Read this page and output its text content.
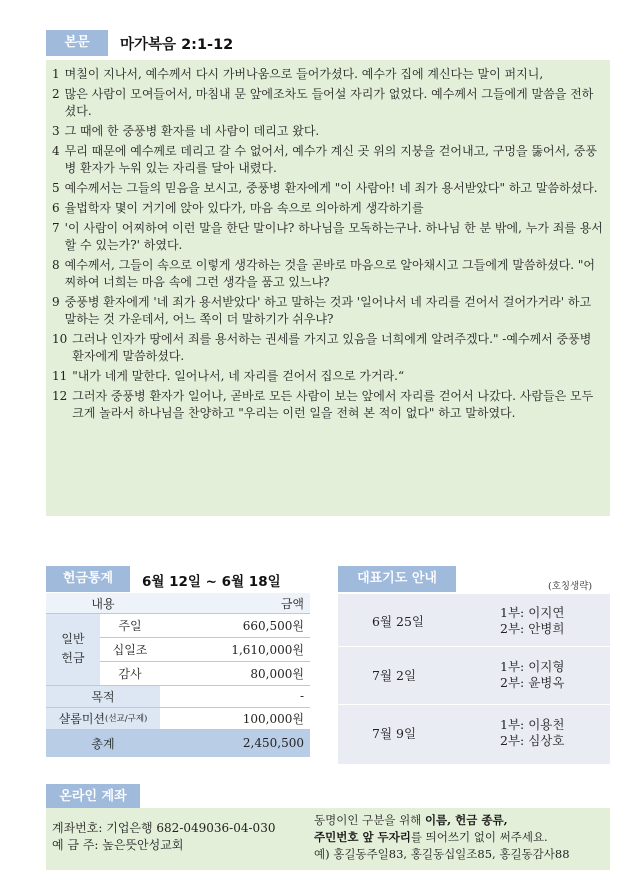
본문	마가복음 2:1-12
1 며칠이 지나서, 예수께서 다시 가버나움으로 들어가셨다. 예수가 집에 계신다는 말이 퍼지니,
2 많은 사람이 모여들어서, 마침내 문 앞에조차도 들어설 자리가 없었다. 예수께서 그들에게 말씀을 전하셨다.
3 그 때에 한 중풍병 환자를 네 사람이 데리고 왔다.
4 무리 때문에 예수께로 데리고 갈 수 없어서, 예수가 계신 곳 위의 지붕을 걷어내고, 구멍을 뚫어서, 중풍병 환자가 누워 있는 자리를 달아 내렸다.
5 예수께서는 그들의 믿음을 보시고, 중풍병 환자에게 "이 사람아! 네 죄가 용서받았다" 하고 말씀하셨다.
6 율법학자 몇이 거기에 앉아 있다가, 마음 속으로 의아하게 생각하기를
7 '이 사람이 어찌하여 이런 말을 한단 말이냐? 하나님을 모독하는구나. 하나님 한 분 밖에, 누가 죄를 용서할 수 있는가?' 하였다.
8 예수께서, 그들이 속으로 이렇게 생각하는 것을 곧바로 마음으로 알아채시고 그들에게 말씀하셨다. "어찌하여 너희는 마음 속에 그런 생각을 품고 있느냐?
9 중풍병 환자에게 '네 죄가 용서받았다' 하고 말하는 것과 '일어나서 네 자리를 걷어서 걸어가거라' 하고 말하는 것 가운데서, 어느 쪽이 더 말하기가 쉬우냐?
10 그러나 인자가 땅에서 죄를 용서하는 권세를 가지고 있음을 너희에게 알려주겠다." -예수께서 중풍병 환자에게 말씀하셨다.
11 "내가 네게 말한다. 일어나서, 네 자리를 걷어서 집으로 가거라.“
12 그러자 중풍병 환자가 일어나, 곧바로 모든 사람이 보는 앞에서 자리를 걷어서 나갔다. 사람들은 모두 크게 놀라서 하나님을 찬양하고 "우리는 이런 일을 전혀 본 적이 없다" 하고 말하였다.
헌금통계	6월 12일 ~ 6월 18일
내용	금액
일반
헌금
주일	660,500원
십일조	1,610,000원
감사	80,000원
목적	-
샬롬미션 (선교/구제)	100,000원
총계	2,450,500
대표기도 안내
(호칭생략)
6월 25일
1부: 이지연
2부: 안병희
7월 2일
1부: 이지형
2부: 윤병옥
7월 9일
1부: 이용천
2부: 심상호
온라인 계좌
계좌번호: 기업은행 682-049036-04-030
예 금 주: 높은뜻안성교회
동명이인 구분을 위해 이름, 헌금 종류,
주민번호 앞 두자리를 띄어쓰기 없이 써주세요.
예) 홍길동주일83, 홍길동십일조85, 홍길동감사88
